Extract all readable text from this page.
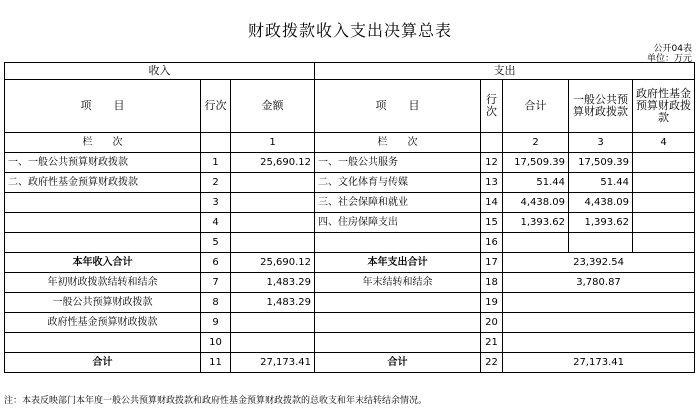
财政拨款收入支出决算总表
公开04表
单位：万元
收入			支出				
项　　目	行次	金额	项　　目	行次	合计	一般公共预算财政拨款	政府性基金预算财政拨款
栏　　次		1	栏　　次		2	3	4
一、一般公共预算财政拨款	1	25,690.12	一、一般公共服务	12	17,509.39	17,509.39	
二、政府性基金预算财政拨款	2		二、文化体育与传媒	13	51.44	51.44	
	3		三、社会保障和就业	14	4,438.09	4,438.09	
	4		四、住房保障支出	15	1,393.62	1,393.62	
	5			16			
本年收入合计	6	25,690.12	本年支出合计	17	23,392.54		
年初财政拨款结转和结余	7	1,483.29	年末结转和结余	18	3,780.87		
一般公共预算财政拨款	8	1,483.29		19			
政府性基金预算财政拨款	9			20			
	10			21			
合计	11	27,173.41	合计	22	27,173.41		
注：本表反映部门本年度一般公共预算财政拨款和政府性基金预算财政拨款的总收支和年末结转结余情况。
